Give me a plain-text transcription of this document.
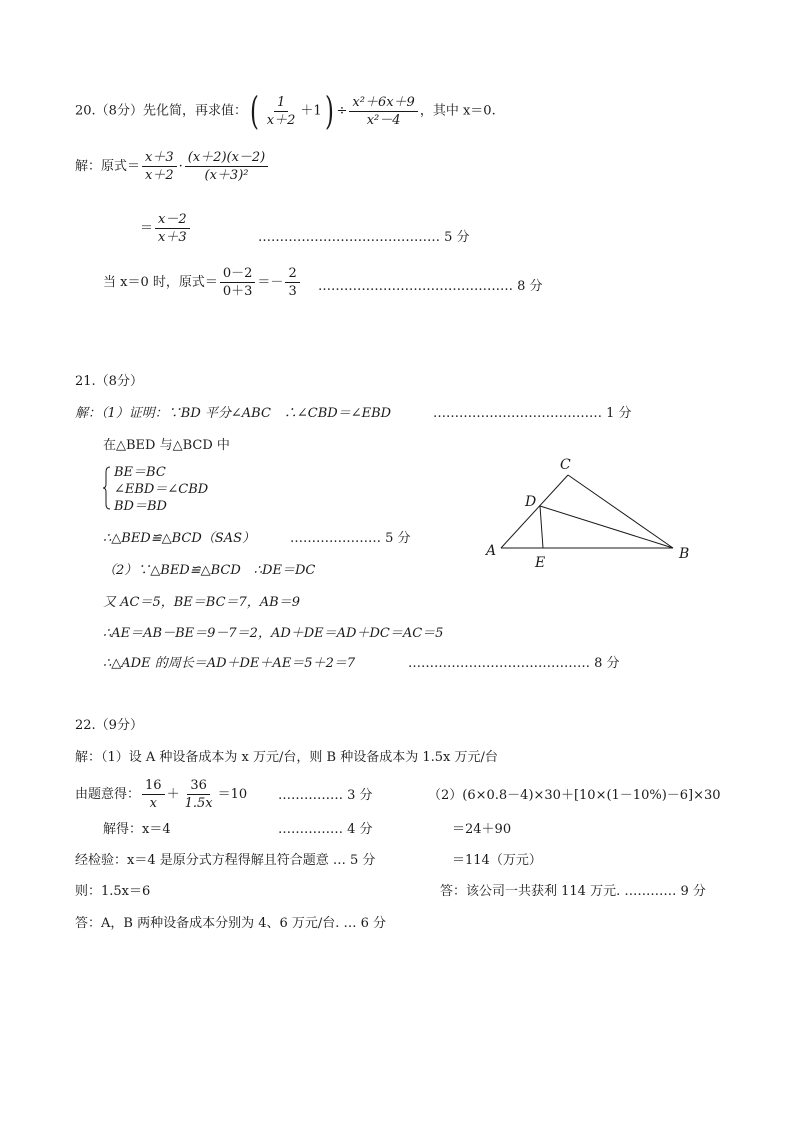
20.（8分）先化简，再求值：( $\frac{1}{x+2} +1) \div \frac{\text{x²＋6x＋9}}{\text{x²－4}}$ ，其中 x＝0.
解：原式＝ $\frac{x+3}{x+2} \cdot \frac{(x+2)(x-2)}{\text{(x＋3)²}}$
＝ $\frac{x-2}{x+3}$	…………………………………… 5 分
当 x＝0 时，原式＝ $\frac{0-2}{0+3} =- \frac{2}{3}$ ……………………………………… 8 分
21.（8分）
解：（1）证明：∵BD 平分∠ABC　∴∠CBD＝∠EBD	………………………………… 1 分
在△BED 与△BCD 中
BE＝BC
∠EBD＝∠CBD
BD＝BD
∴△BED≌△BCD（SAS）	………………… 5 分
（2）∵△BED≌△BCD　∴DE＝DC
又 AC＝5，BE＝BC＝7，AB＝9
∴AE＝AB－BE＝9－7＝2，AD＋DE＝AD＋DC＝AC＝5
∴△ADE 的周长＝AD＋DE＋AE＝5＋2＝7	…………………………………… 8 分
A	B
C
D
E
22.（9分）
解：（1）设 A 种设备成本为 x 万元/台，则 B 种设备成本为 1.5x 万元/台
由题意得： $\frac{16}{x} + \frac{36}{1.5x} =10$ …………… 3 分
解得：x＝4	…………… 4 分
经检验：x＝4 是原分式方程得解且符合题意 … 5 分
则：1.5x＝6
答：A，B 两种设备成本分别为 4、6 万元/台. … 6 分
（2）(6×0.8－4)×30＋[10×(1－10%)－6]×30
＝24＋90
＝114（万元）
答：该公司一共获利 114 万元. ………… 9 分
